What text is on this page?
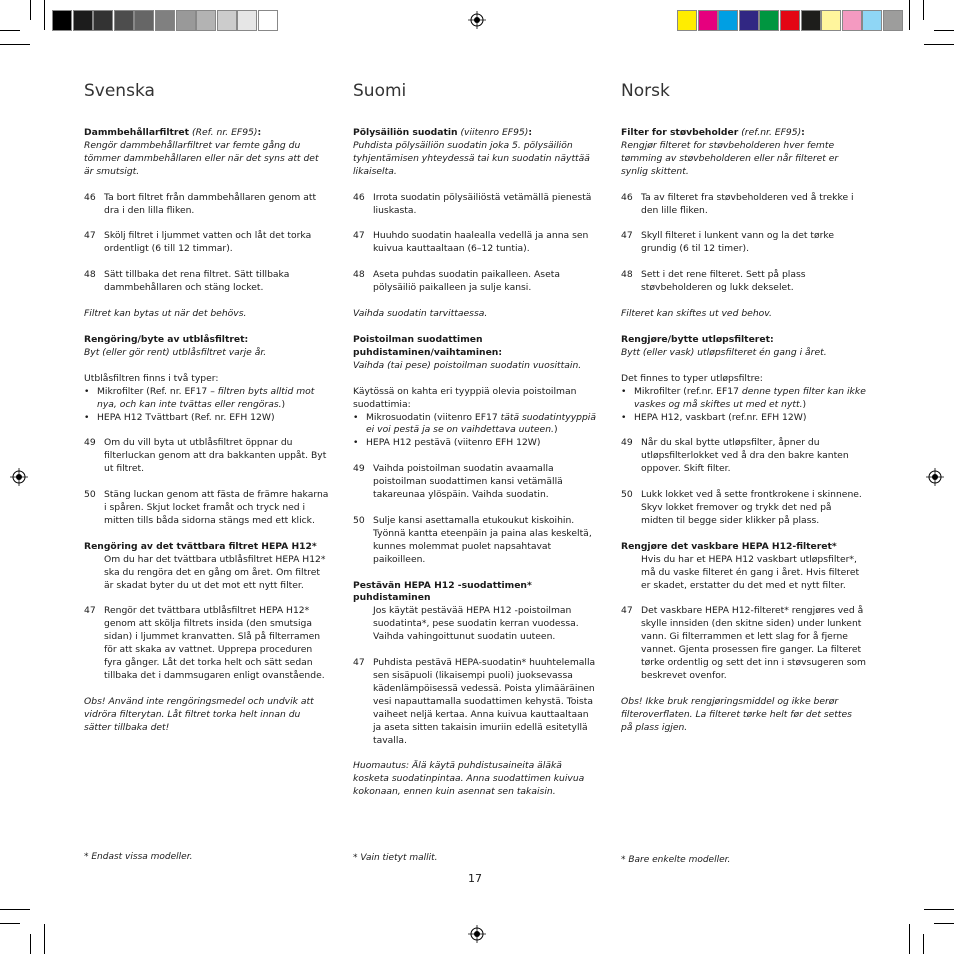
Svenska
Dammbehållarfiltret (Ref. nr. EF95):
Rengör dammbehållarfiltret var femte gång du tömmer dammbehållaren eller när det syns att det är smutsigt.
46 Ta bort filtret från dammbehållaren genom att dra i den lilla fliken.
47 Skölj filtret i ljummet vatten och låt det torka ordentligt (6 till 12 timmar).
48 Sätt tillbaka det rena filtret. Sätt tillbaka dammbehållaren och stäng locket.
Filtret kan bytas ut när det behövs.
Rengöring/byte av utblåsfiltret:
Byt (eller gör rent) utblåsfiltret varje år.
Utblåsfiltren finns i två typer:
• Mikrofilter (Ref. nr. EF17 – filtren byts alltid mot nya, och kan inte tvättas eller rengöras.)
• HEPA H12 Tvättbart (Ref. nr. EFH 12W)
49 Om du vill byta ut utblåsfiltret öppnar du filterluckan genom att dra bakkanten uppåt. Byt ut filtret.
50 Stäng luckan genom att fästa de främre hakarna i spåren. Skjut locket framåt och tryck ned i mitten tills båda sidorna stängs med ett klick.
Rengöring av det tvättbara filtret HEPA H12*
Om du har det tvättbara utblåsfiltret HEPA H12* ska du rengöra det en gång om året. Om filtret är skadat byter du ut det mot ett nytt filter.
47 Rengör det tvättbara utblåsfiltret HEPA H12* genom att skölja filtrets insida (den smutsiga sidan) i ljummet kranvatten. Slå på filterramen för att skaka av vattnet. Upprepa proceduren fyra gånger. Låt det torka helt och sätt sedan tillbaka det i dammsugaren enligt ovanstående.
Obs! Använd inte rengöringsmedel och undvik att vidröra filterytan. Låt filtret torka helt innan du sätter tillbaka det!
Suomi
Pölysäiliön suodatin (viitenro EF95):
Puhdista pölysäiliön suodatin joka 5. pölysäiliön tyhjentämisen yhteydessä tai kun suodatin näyttää likaiselta.
46 Irrota suodatin pölysäiliöstä vetämällä pienestä liuskasta.
47 Huuhdo suodatin haalealla vedellä ja anna sen kuivua kauttaaltaan (6–12 tuntia).
48 Aseta puhdas suodatin paikalleen. Aseta pölysäiliö paikalleen ja sulje kansi.
Vaihda suodatin tarvittaessa.
Poistoilman suodattimen puhdistaminen/vaihtaminen:
Vaihda (tai pese) poistoilman suodatin vuosittain.
Käytössä on kahta eri tyyppiä olevia poistoilman suodattimia:
• Mikrosuodatin (viitenro EF17 tätä suodatintyyppiä ei voi pestä ja se on vaihdettava uuteen.)
• HEPA H12 pestävä (viitenro EFH 12W)
49 Vaihda poistoilman suodatin avaamalla poistoilman suodattimen kansi vetämällä takareunaa ylöspäin. Vaihda suodatin.
50 Sulje kansi asettamalla etukoukut kiskoihin. Työnnä kantta eteenpäin ja paina alas keskeltä, kunnes molemmat puolet napsahtavat paikoilleen.
Pestävän HEPA H12 -suodattimen* puhdistaminen
Jos käytät pestävää HEPA H12 -poistoilman suodatinta*, pese suodatin kerran vuodessa. Vaihda vahingoittunut suodatin uuteen.
47 Puhdista pestävä HEPA-suodatin* huuhtelemalla sen sisäpuoli (likaisempi puoli) juoksevassa kädenlämpöisessä vedessä. Poista ylimääräinen vesi napauttamalla suodattimen kehystä. Toista vaiheet neljä kertaa. Anna kuivua kauttaaltaan ja aseta sitten takaisin imuriin edellä esitetyllä tavalla.
Huomautus: Älä käytä puhdistusaineita äläkä kosketa suodatinpintaa. Anna suodattimen kuivua kokonaan, ennen kuin asennat sen takaisin.
Norsk
Filter for støvbeholder (ref.nr. EF95):
Rengjør filteret for støvbeholderen hver femte tømming av støvbeholderen eller når filteret er synlig skittent.
46 Ta av filteret fra støvbeholderen ved å trekke i den lille fliken.
47 Skyll filteret i lunkent vann og la det tørke grundig (6 til 12 timer).
48 Sett i det rene filteret. Sett på plass støvbeholderen og lukk dekselet.
Filteret kan skiftes ut ved behov.
Rengjøre/bytte utløpsfilteret:
Bytt (eller vask) utløpsfilteret én gang i året.
Det finnes to typer utløpsfiltre:
• Mikrofilter (ref.nr. EF17 denne typen filter kan ikke vaskes og må skiftes ut med et nytt.)
• HEPA H12, vaskbart (ref.nr. EFH 12W)
49 Når du skal bytte utløpsfilter, åpner du utløpsfilterlokket ved å dra den bakre kanten oppover. Skift filter.
50 Lukk lokket ved å sette frontkrokene i skinnene. Skyv lokket fremover og trykk det ned på midten til begge sider klikker på plass.
Rengjøre det vaskbare HEPA H12-filteret*
Hvis du har et HEPA H12 vaskbart utløpsfilter*, må du vaske filteret én gang i året. Hvis filteret er skadet, erstatter du det med et nytt filter.
47 Det vaskbare HEPA H12-filteret* rengjøres ved å skylle innsiden (den skitne siden) under lunkent vann. Gi filterrammen et lett slag for å fjerne vannet. Gjenta prosessen fire ganger. La filteret tørke ordentlig og sett det inn i støvsugeren som beskrevet ovenfor.
Obs! Ikke bruk rengjøringsmiddel og ikke berør filteroverflaten. La filteret tørke helt før det settes på plass igjen.
* Endast vissa modeller.	* Vain tietyt mallit.	* Bare enkelte modeller.
17
